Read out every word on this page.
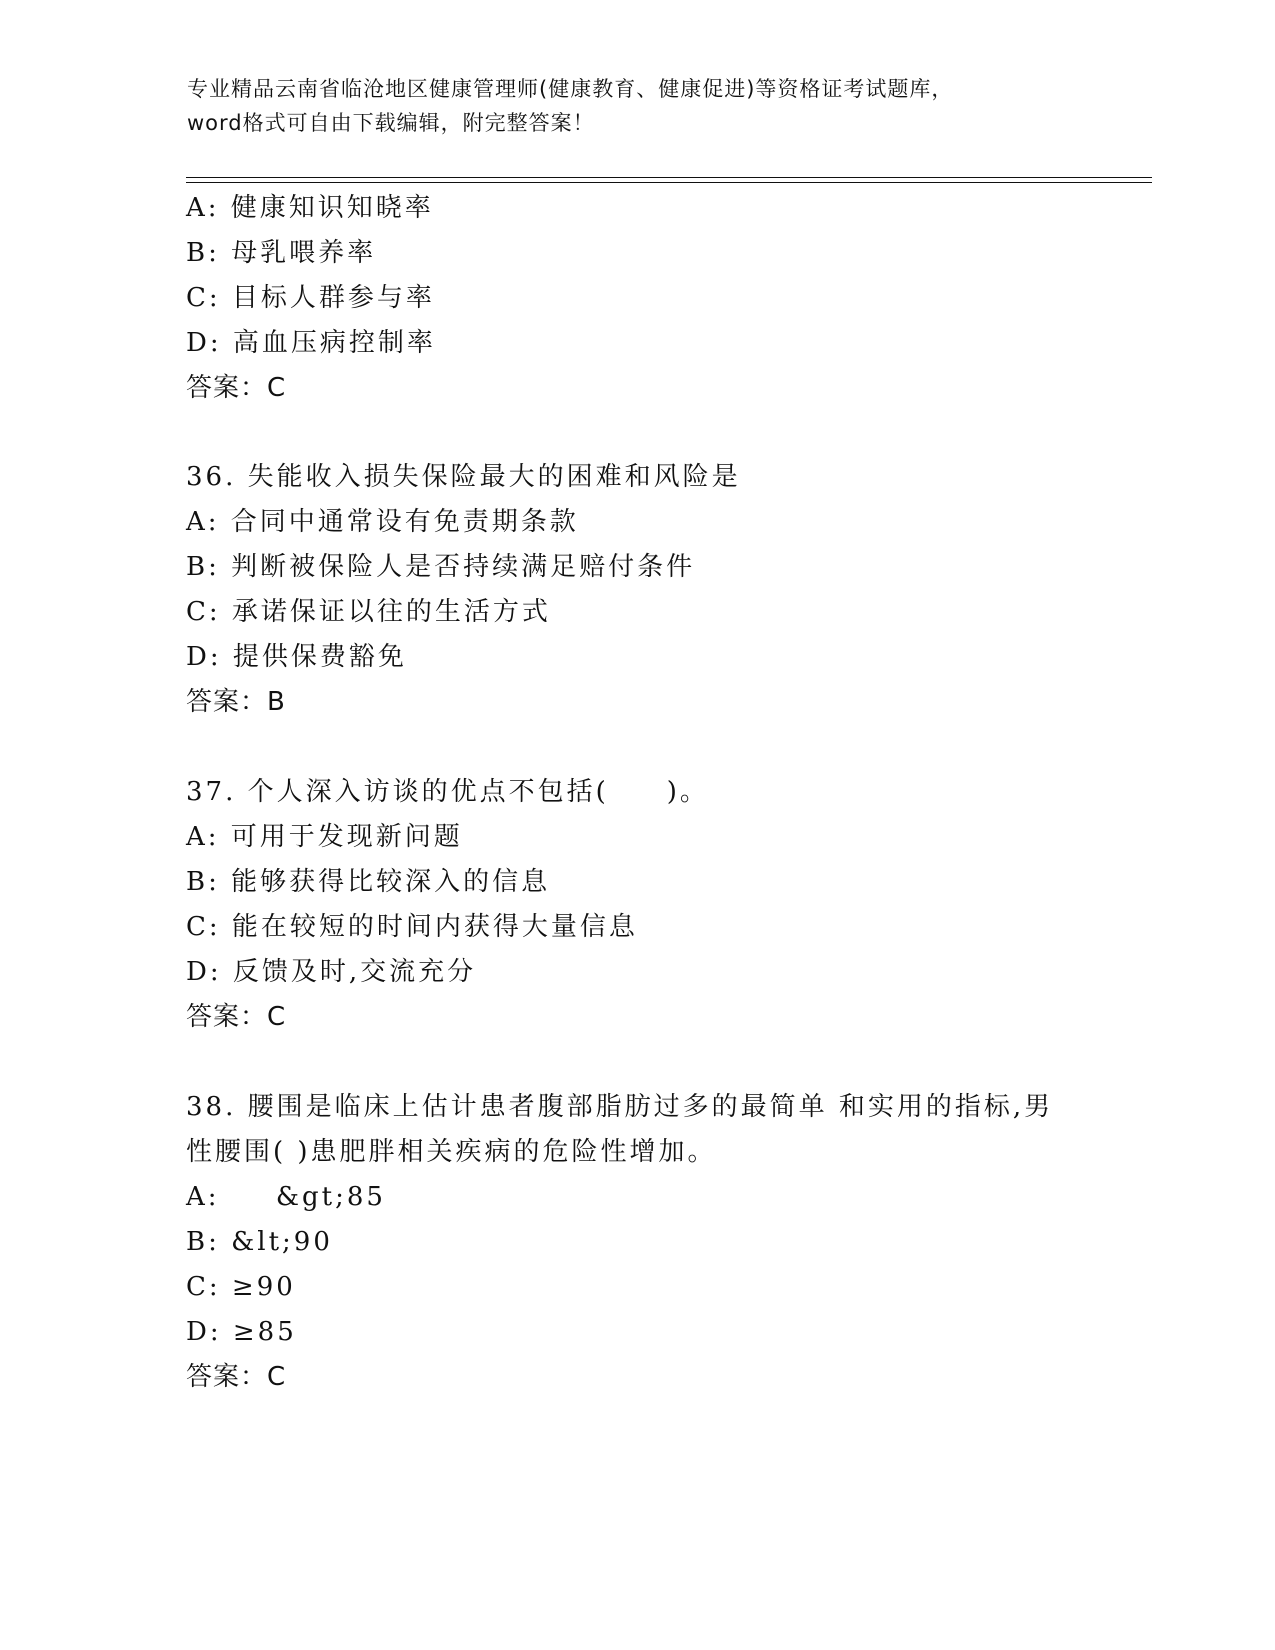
专业精品云南省临沧地区健康管理师(健康教育、健康促进)等资格证考试题库，
word格式可自由下载编辑，附完整答案！
A: 健康知识知晓率
B: 母乳喂养率
C: 目标人群参与率
D: 高血压病控制率
答案：C
36. 失能收入损失保险最大的困难和风险是
A: 合同中通常设有免责期条款
B: 判断被保险人是否持续满足赔付条件
C: 承诺保证以往的生活方式
D: 提供保费豁免
答案：B
37. 个人深入访谈的优点不包括(　　)。
A: 可用于发现新问题
B: 能够获得比较深入的信息
C: 能在较短的时间内获得大量信息
D: 反馈及时,交流充分
答案：C
38. 腰围是临床上估计患者腹部脂肪过多的最简单 和实用的指标,男
性腰围( )患肥胖相关疾病的危险性增加。
A:     &gt;85
B: &lt;90
C: ≥90
D: ≥85
答案：C
